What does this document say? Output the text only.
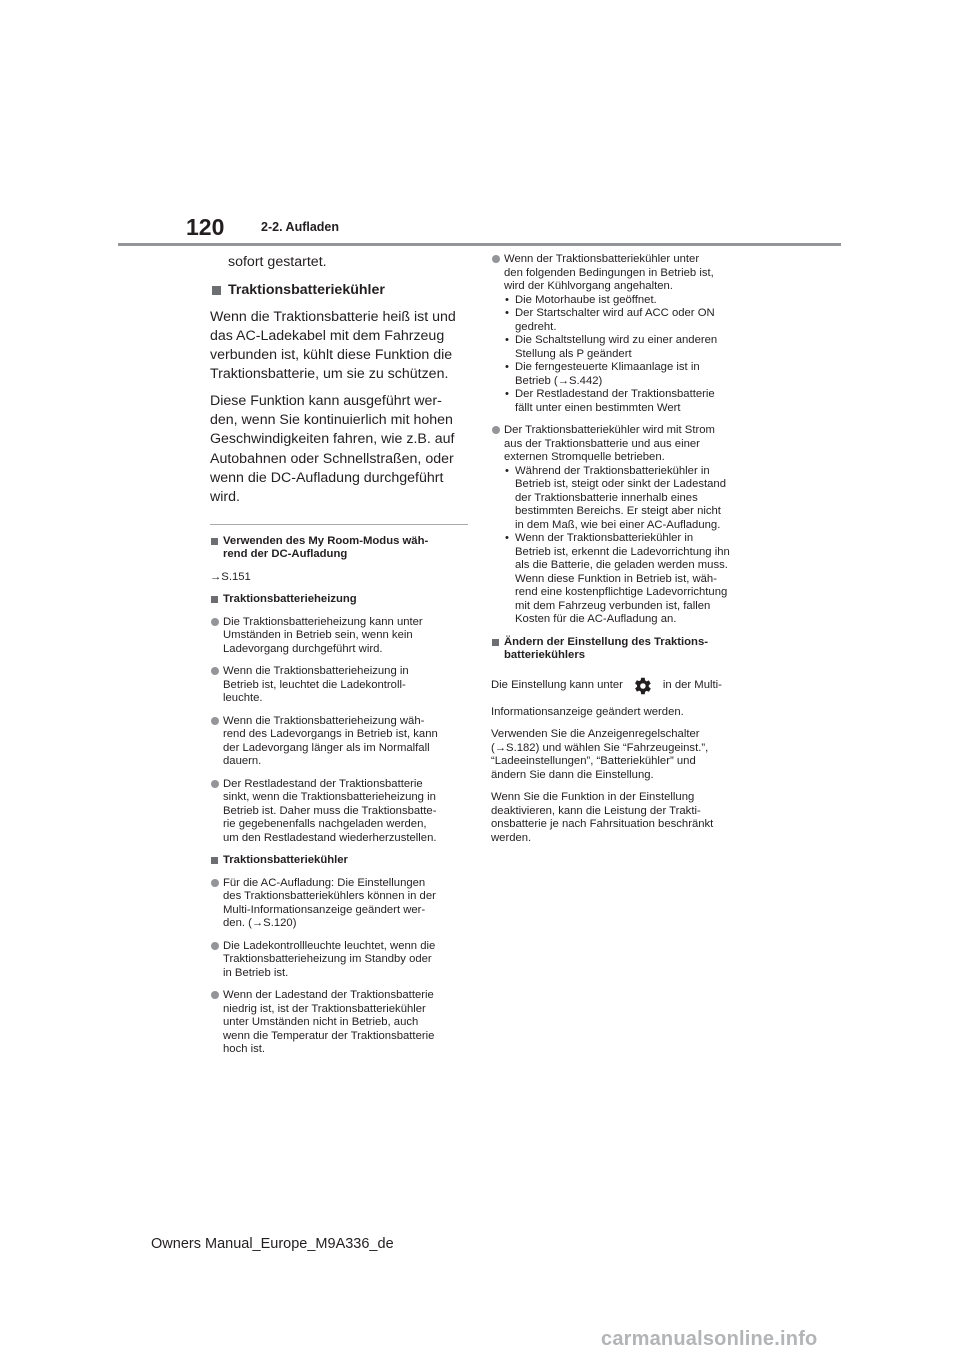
120	2-2. Aufladen

sofort gestartet.

Traktionsbatteriekühler

Wenn die Traktionsbatterie heiß ist und
das AC-Ladekabel mit dem Fahrzeug
verbunden ist, kühlt diese Funktion die
Traktionsbatterie, um sie zu schützen.

Diese Funktion kann ausgeführt wer-
den, wenn Sie kontinuierlich mit hohen
Geschwindigkeiten fahren, wie z.B. auf
Autobahnen oder Schnellstraßen, oder
wenn die DC-Aufladung durchgeführt
wird.

Verwenden des My Room-Modus wäh-
rend der DC-Aufladung

→S.151

Traktionsbatterieheizung

Die Traktionsbatterieheizung kann unter
Umständen in Betrieb sein, wenn kein
Ladevorgang durchgeführt wird.
Wenn die Traktionsbatterieheizung in
Betrieb ist, leuchtet die Ladekontroll-
leuchte.
Wenn die Traktionsbatterieheizung wäh-
rend des Ladevorgangs in Betrieb ist, kann
der Ladevorgang länger als im Normalfall
dauern.
Der Restladestand der Traktionsbatterie
sinkt, wenn die Traktionsbatterieheizung in
Betrieb ist. Daher muss die Traktionsbatte-
rie gegebenenfalls nachgeladen werden,
um den Restladestand wiederherzustellen.

Traktionsbatteriekühler

Für die AC-Aufladung: Die Einstellungen
des Traktionsbatteriekühlers können in der
Multi-Informationsanzeige geändert wer-
den. (→S.120)
Die Ladekontrollleuchte leuchtet, wenn die
Traktionsbatterieheizung im Standby oder
in Betrieb ist.
Wenn der Ladestand der Traktionsbatterie
niedrig ist, ist der Traktionsbatteriekühler
unter Umständen nicht in Betrieb, auch
wenn die Temperatur der Traktionsbatterie
hoch ist.
Wenn der Traktionsbatteriekühler unter
den folgenden Bedingungen in Betrieb ist,
wird der Kühlvorgang angehalten.
• Die Motorhaube ist geöffnet.
• Der Startschalter wird auf ACC oder ON
gedreht.
• Die Schaltstellung wird zu einer anderen
Stellung als P geändert
• Die ferngesteuerte Klimaanlage ist in
Betrieb (→S.442)
• Der Restladestand der Traktionsbatterie
fällt unter einen bestimmten Wert
Der Traktionsbatteriekühler wird mit Strom
aus der Traktionsbatterie und aus einer
externen Stromquelle betrieben.
• Während der Traktionsbatteriekühler in
Betrieb ist, steigt oder sinkt der Ladestand
der Traktionsbatterie innerhalb eines
bestimmten Bereichs. Er steigt aber nicht
in dem Maß, wie bei einer AC-Aufladung.
• Wenn der Traktionsbatteriekühler in
Betrieb ist, erkennt die Ladevorrichtung ihn
als die Batterie, die geladen werden muss.
Wenn diese Funktion in Betrieb ist, wäh-
rend eine kostenpflichtige Ladevorrichtung
mit dem Fahrzeug verbunden ist, fallen
Kosten für die AC-Aufladung an.

Ändern der Einstellung des Traktions-
batteriekühlers

Die Einstellung kann unter	in der Multi-

Informationsanzeige geändert werden.

Verwenden Sie die Anzeigenregelschalter
(→S.182) und wählen Sie “Fahrzeugeinst.”,
“Ladeeinstellungen”, “Batteriekühler” und
ändern Sie dann die Einstellung.

Wenn Sie die Funktion in der Einstellung
deaktivieren, kann die Leistung der Trakti-
onsbatterie je nach Fahrsituation beschränkt
werden.

Owners Manual_Europe_M9A336_de
carmanualsonline.info
